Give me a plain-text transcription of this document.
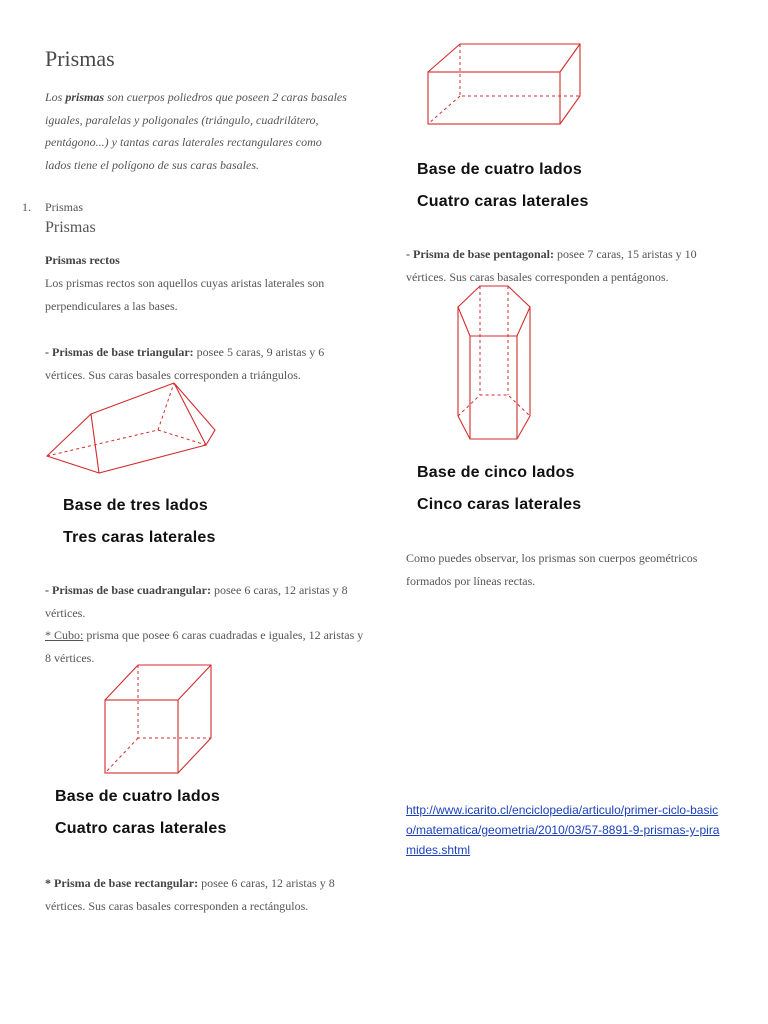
Prismas
Los prismas son cuerpos poliedros que poseen 2 caras basales iguales, paralelas y poligonales (triángulo, cuadrilátero, pentágono...) y tantas caras laterales rectangulares como lados tiene el polígono de sus caras basales.
1. Prismas
Prismas
Prismas rectos
Los prismas rectos son aquellos cuyas aristas laterales son perpendiculares a las bases.
- Prismas de base triangular: posee 5 caras, 9 aristas y 6 vértices. Sus caras basales corresponden a triángulos.
Base de tres lados
Tres caras laterales
- Prismas de base cuadrangular: posee 6 caras, 12 aristas y 8 vértices.
* Cubo: prisma que posee 6 caras cuadradas e iguales, 12 aristas y 8 vértices.
Base de cuatro lados
Cuatro caras laterales
* Prisma de base rectangular: posee 6 caras, 12 aristas y 8 vértices. Sus caras basales corresponden a rectángulos.
Base de cuatro lados
Cuatro caras laterales
- Prisma de base pentagonal: posee 7 caras, 15 aristas y 10 vértices. Sus caras basales corresponden a pentágonos.
Base de cinco lados
Cinco caras laterales
Como puedes observar, los prismas son cuerpos geométricos formados por líneas rectas.
http://www.icarito.cl/enciclopedia/articulo/primer-ciclo-basico/matematica/geometria/2010/03/57-8891-9-prismas-y-piramides.shtml
